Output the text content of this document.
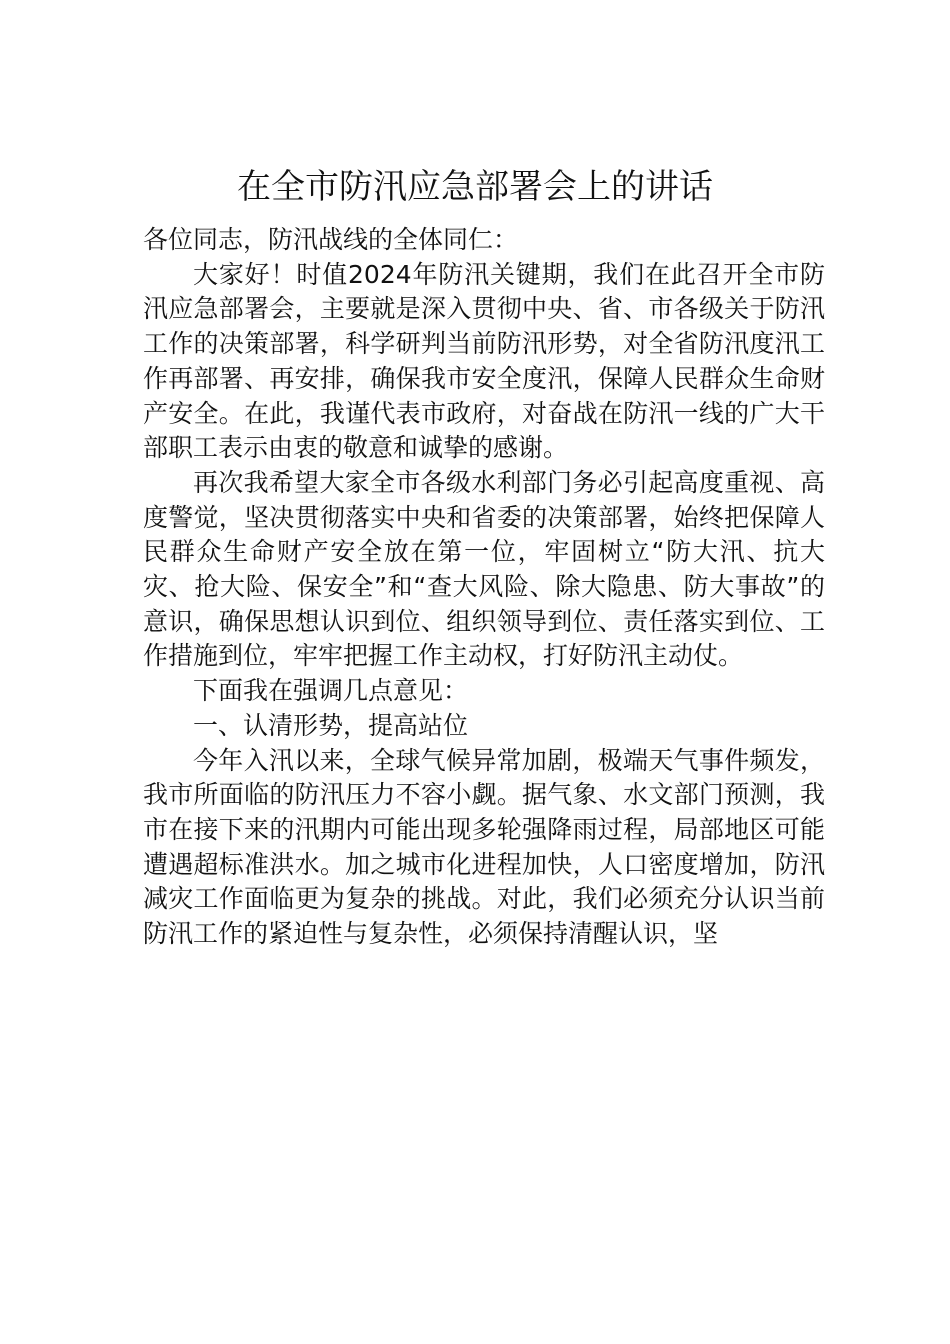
在全市防汛应急部署会上的讲话

各位同志，防汛战线的全体同仁：

大家好！时值2024年防汛关键期，我们在此召开全市防汛应急部署会，主要就是深入贯彻中央、省、市各级关于防汛工作的决策部署，科学研判当前防汛形势，对全省防汛度汛工作再部署、再安排，确保我市安全度汛，保障人民群众生命财产安全。在此，我谨代表市政府，对奋战在防汛一线的广大干部职工表示由衷的敬意和诚挚的感谢。

再次我希望大家全市各级水利部门务必引起高度重视、高度警觉，坚决贯彻落实中央和省委的决策部署，始终把保障人民群众生命财产安全放在第一位，牢固树立“防大汛、抗大灾、抢大险、保安全”和“查大风险、除大隐患、防大事故”的意识，确保思想认识到位、组织领导到位、责任落实到位、工作措施到位，牢牢把握工作主动权，打好防汛主动仗。

下面我在强调几点意见：

一、认清形势，提高站位

今年入汛以来，全球气候异常加剧，极端天气事件频发，我市所面临的防汛压力不容小觑。据气象、水文部门预测，我市在接下来的汛期内可能出现多轮强降雨过程，局部地区可能遭遇超标准洪水。加之城市化进程加快，人口密度增加，防汛减灾工作面临更为复杂的挑战。对此，我们必须充分认识当前防汛工作的紧迫性与复杂性，必须保持清醒认识，坚
